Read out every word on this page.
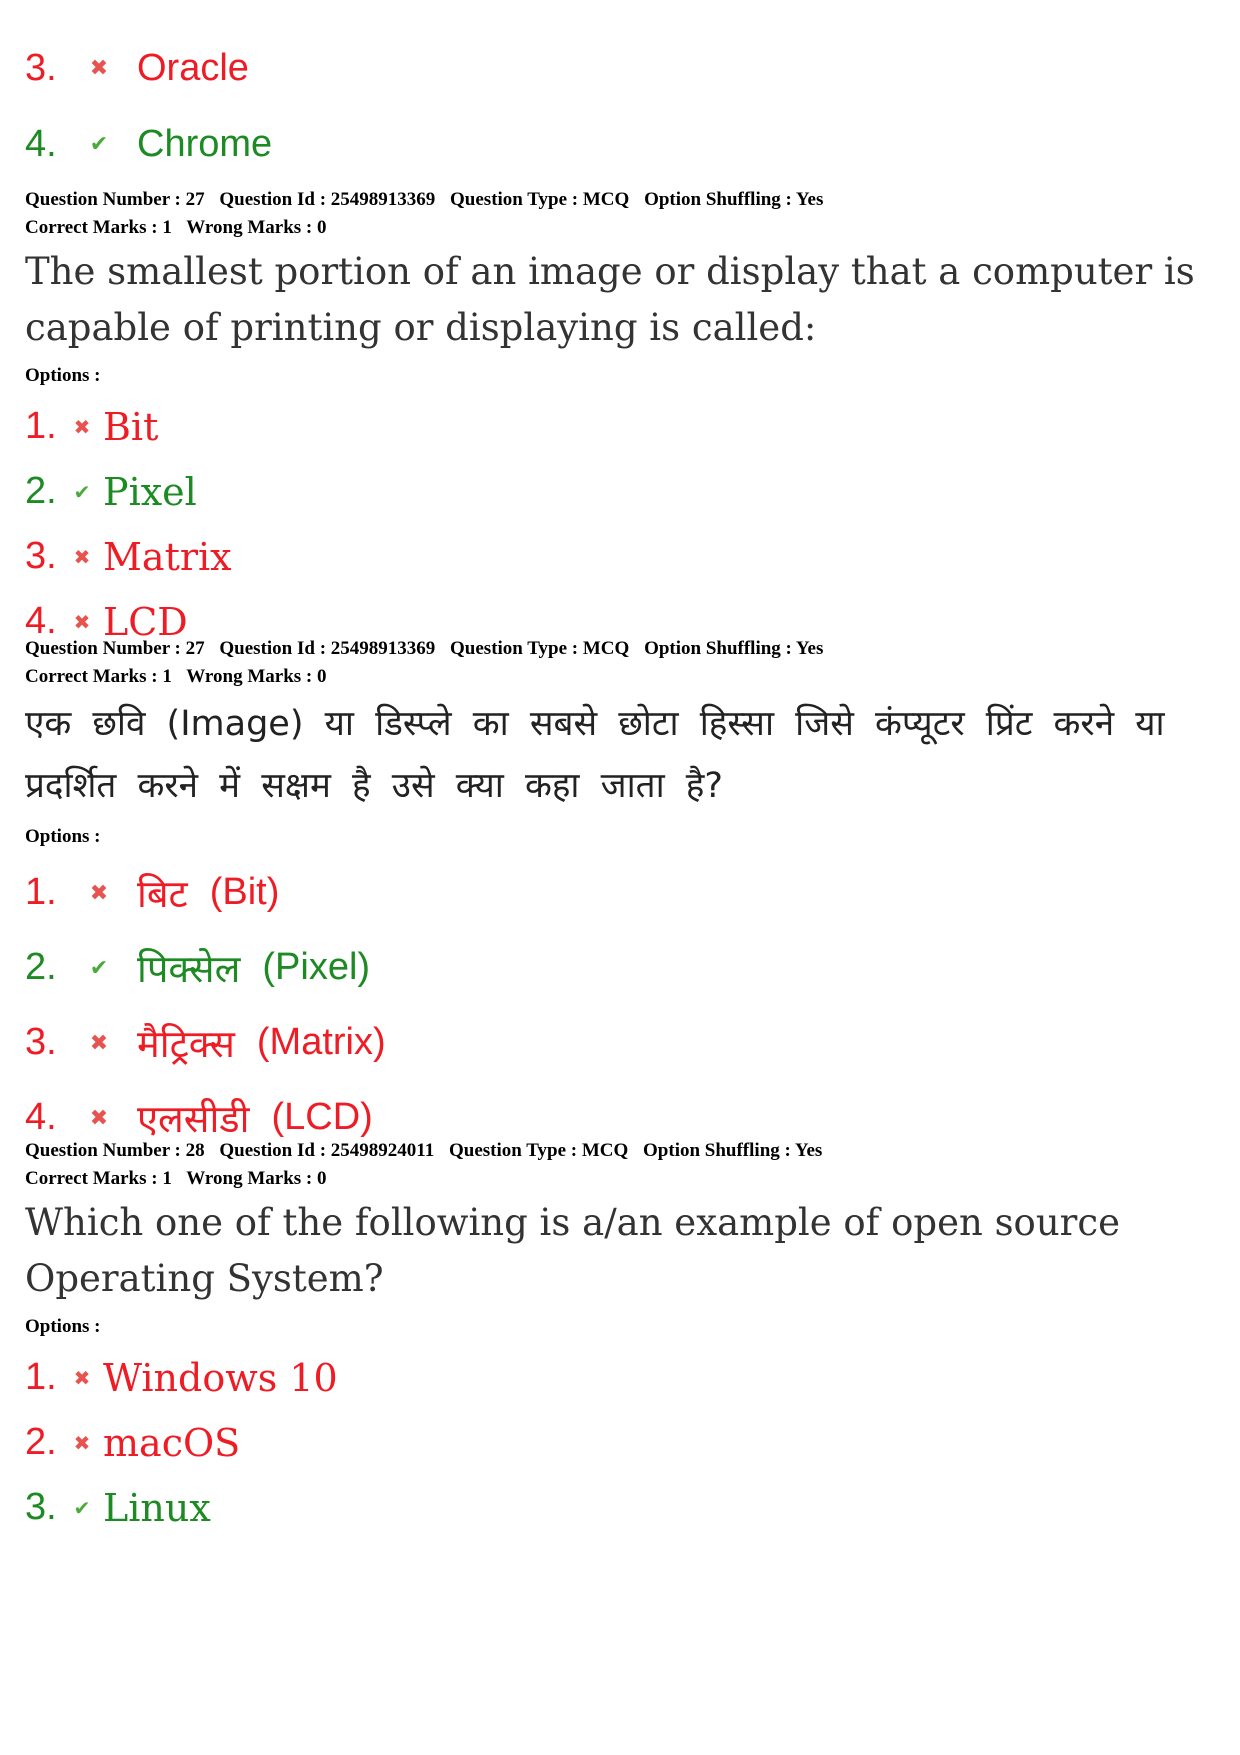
3.	✖ Oracle
4.	✔ Chrome
Question Number : 27 Question Id : 25498913369 Question Type : MCQ Option Shuffling : Yes
Correct Marks : 1 Wrong Marks : 0
The smallest portion of an image or display that a computer is capable of printing or displaying is called:
Options :
1. ✖ Bit
2. ✔ Pixel
3. ✖ Matrix
4. ✖ LCD
Question Number : 27 Question Id : 25498913369 Question Type : MCQ Option Shuffling : Yes
Correct Marks : 1 Wrong Marks : 0
एक छवि (Image) या डिस्प्ले का सबसे छोटा हिस्सा जिसे कंप्यूटर प्रिंट करने या प्रदर्शित करने में सक्षम है उसे क्या कहा जाता है?
Options :
1.	✖ बिट (Bit)
2.	✔ पिक्सेल (Pixel)
3.	✖ मैट्रिक्स (Matrix)
4.	✖ एलसीडी (LCD)
Question Number : 28 Question Id : 25498924011 Question Type : MCQ Option Shuffling : Yes
Correct Marks : 1 Wrong Marks : 0
Which one of the following is a/an example of open source Operating System?
Options :
1. ✖ Windows 10
2. ✖ macOS
3. ✔ Linux
